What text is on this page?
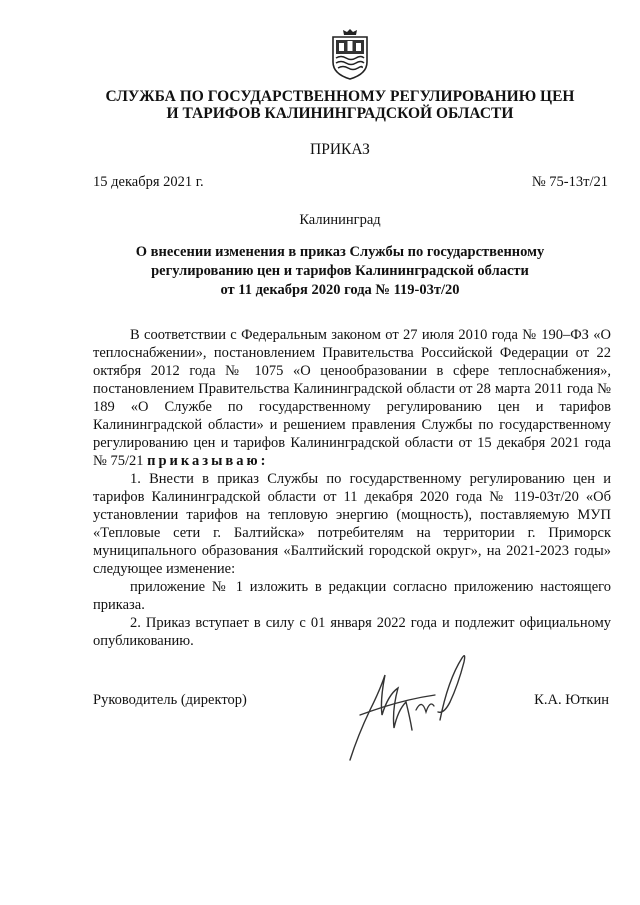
СЛУЖБА ПО ГОСУДАРСТВЕННОМУ РЕГУЛИРОВАНИЮ ЦЕН
И ТАРИФОВ КАЛИНИНГРАДСКОЙ ОБЛАСТИ
ПРИКАЗ
15 декабря 2021 г.	№ 75-13т/21
Калининград
О внесении изменения в приказ Службы по государственному
регулированию цен и тарифов Калининградской области
от 11 декабря 2020 года № 119-03т/20

В соответствии с Федеральным законом от 27 июля 2010 года № 190–ФЗ «О теплоснабжении», постановлением Правительства Российской Федерации от 22 октября 2012 года № 1075 «О ценообразовании в сфере теплоснабжения», постановлением Правительства Калининградской области от 28 марта 2011 года № 189 «О Службе по государственному регулированию цен и тарифов Калининградской области» и решением правления Службы по государственному регулированию цен и тарифов Калининградской области от 15 декабря 2021 года № 75/21 приказываю:

1. Внести в приказ Службы по государственному регулированию цен и тарифов Калининградской области от 11 декабря 2020 года № 119-03т/20 «Об установлении тарифов на тепловую энергию (мощность), поставляемую МУП «Тепловые сети г. Балтийска» потребителям на территории г. Приморск муниципального образования «Балтийский городской округ», на 2021-2023 годы» следующее изменение:

приложение № 1 изложить в редакции согласно приложению настоящего приказа.

2. Приказ вступает в силу с 01 января 2022 года и подлежит официальному опубликованию.

Руководитель (директор)	К.А. Юткин
